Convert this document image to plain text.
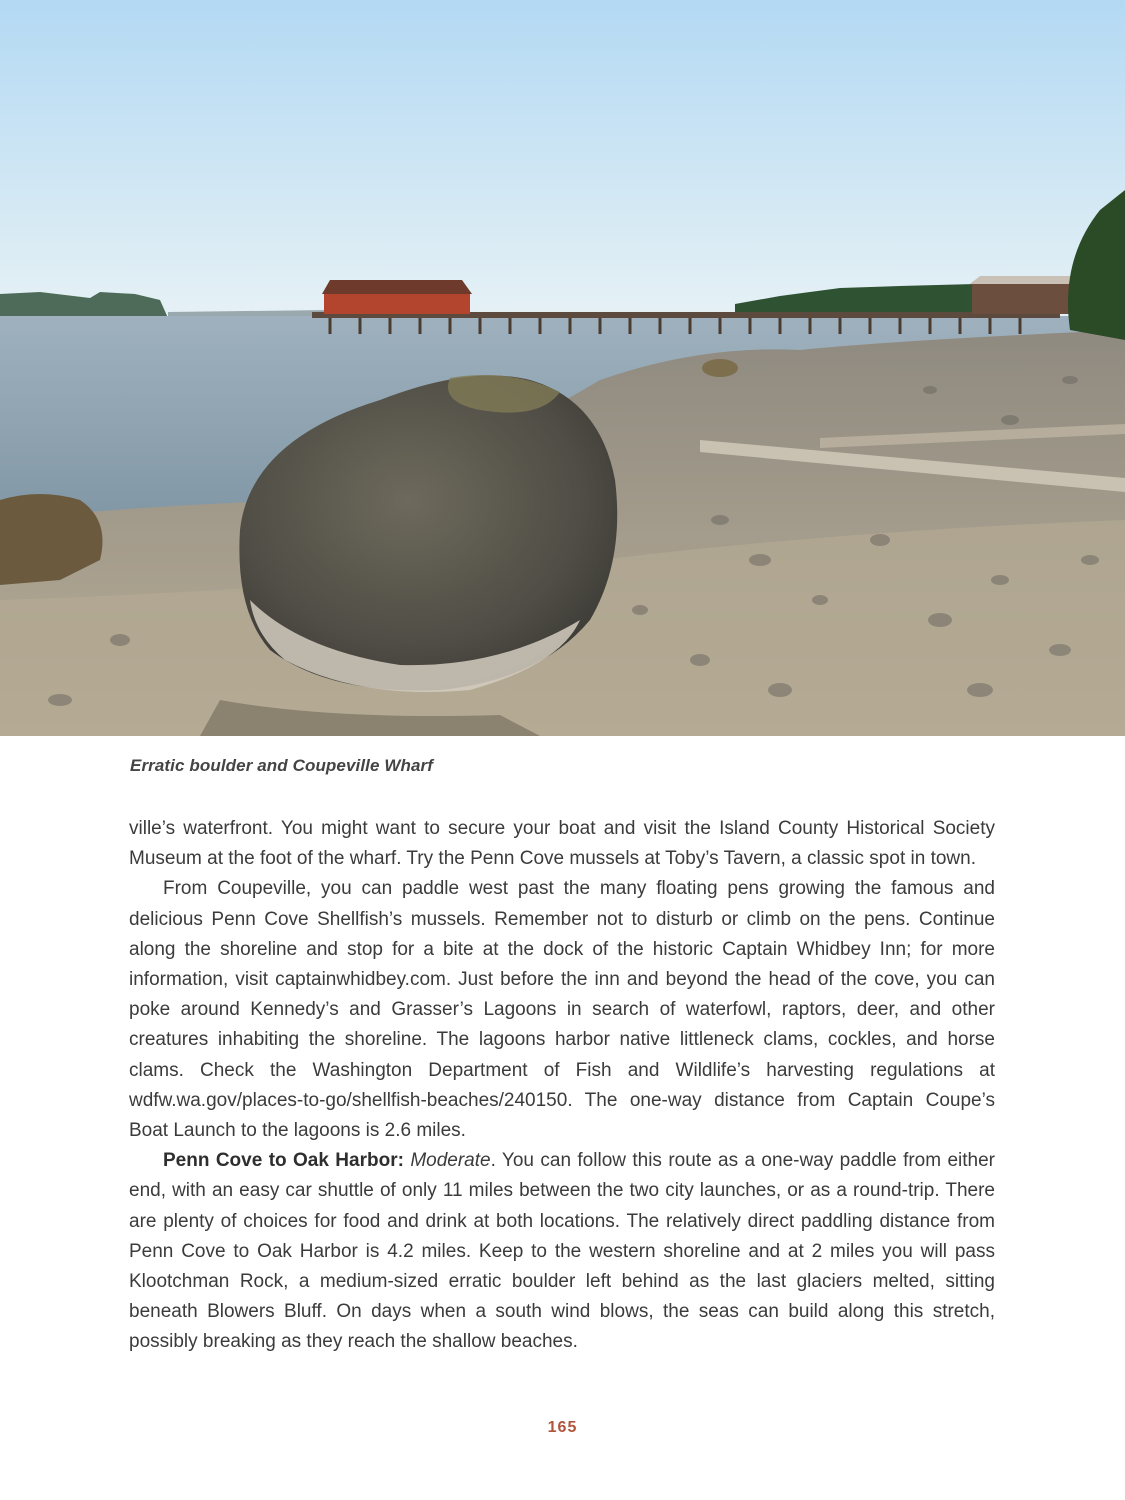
Erratic boulder and Coupeville Wharf

ville’s waterfront. You might want to secure your boat and visit the Island County Historical Society Museum at the foot of the wharf. Try the Penn Cove mussels at Toby’s Tavern, a classic spot in town.

From Coupeville, you can paddle west past the many floating pens growing the famous and delicious Penn Cove Shellfish’s mussels. Remember not to disturb or climb on the pens. Continue along the shoreline and stop for a bite at the dock of the historic Captain Whidbey Inn; for more information, visit captainwhidbey.com. Just before the inn and beyond the head of the cove, you can poke around Kennedy’s and Grasser’s Lagoons in search of waterfowl, raptors, deer, and other creatures inhabiting the shoreline. The lagoons harbor native littleneck clams, cockles, and horse clams. Check the Washington Department of Fish and Wildlife’s harvesting regulations at wdfw.wa.gov/places-to-go/shellfish-beaches/240150. The one-way distance from Captain Coupe’s Boat Launch to the lagoons is 2.6 miles.

Penn Cove to Oak Harbor: Moderate. You can follow this route as a one-way paddle from either end, with an easy car shuttle of only 11 miles between the two city launches, or as a round-trip. There are plenty of choices for food and drink at both locations. The relatively direct paddling distance from Penn Cove to Oak Harbor is 4.2 miles. Keep to the western shoreline and at 2 miles you will pass Klootchman Rock, a medium-sized erratic boulder left behind as the last glaciers melted, sitting beneath Blowers Bluff. On days when a south wind blows, the seas can build along this stretch, possibly breaking as they reach the shallow beaches.

165
